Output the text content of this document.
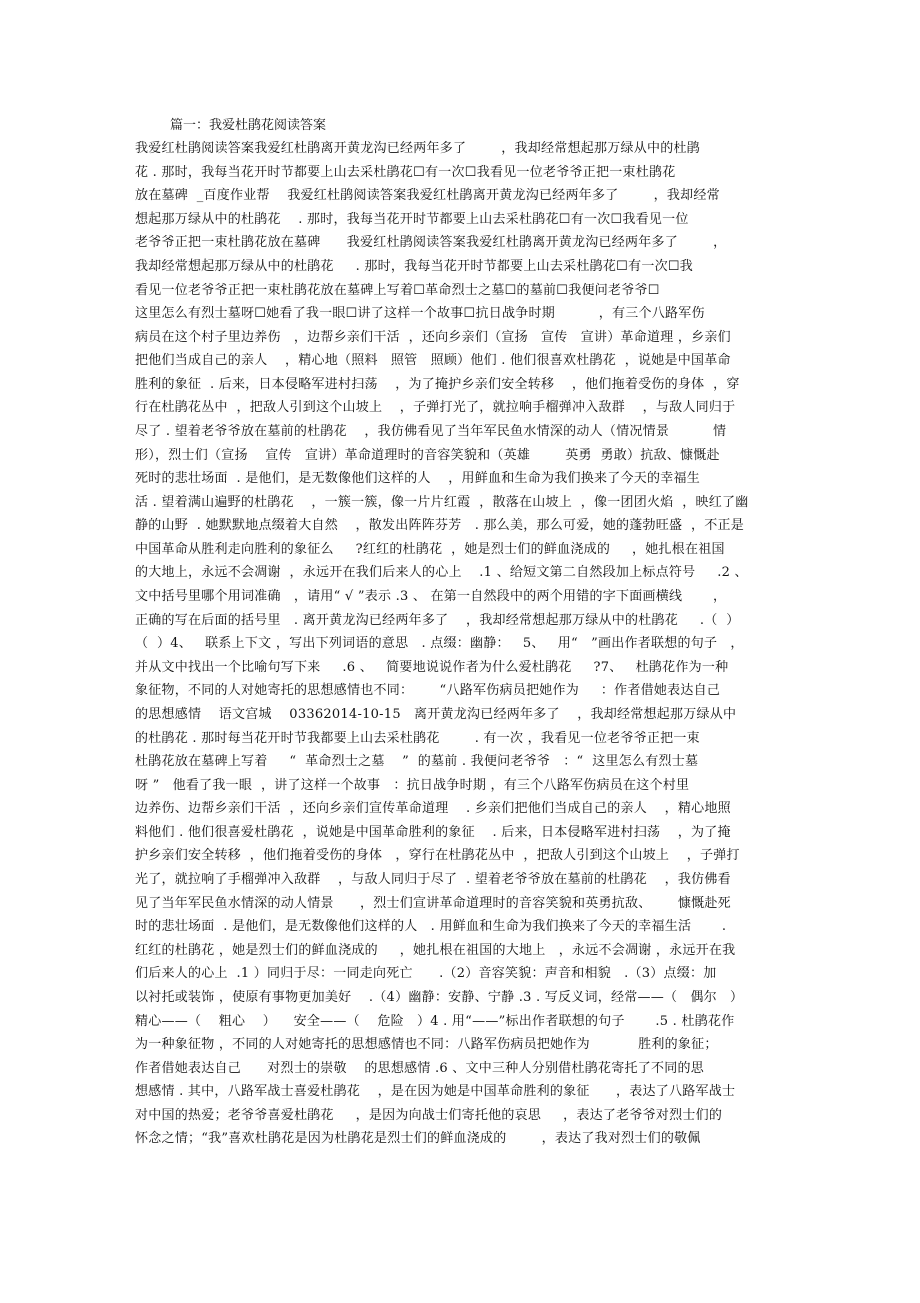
篇一：我爱杜鹃花阅读答案
我爱红杜鹃阅读答案我爱红杜鹃离开黄龙沟已经两年多了        ，我却经常想起那万绿从中的杜鹃
花 . 那时，我每当花开时节都要上山去采杜鹃花☐有一次☐我看见一位老爷爷正把一束杜鹃花
放在墓碑  _百度作业帮    我爱红杜鹃阅读答案我爱红杜鹃离开黄龙沟已经两年多了        ，我却经常
想起那万绿从中的杜鹃花    . 那时，我每当花开时节都要上山去采杜鹃花☐有一次☐我看见一位
老爷爷正把一束杜鹃花放在墓碑      我爱红杜鹃阅读答案我爱红杜鹃离开黄龙沟已经两年多了        ，
我却经常想起那万绿从中的杜鹃花     . 那时，我每当花开时节都要上山去采杜鹃花☐有一次☐我
看见一位老爷爷正把一束杜鹃花放在墓碑上写着☐革命烈士之墓☐的墓前☐我便问老爷爷☐
这里怎么有烈士墓呀☐她看了我一眼☐讲了这样一个故事☐抗日战争时期          ，有三个八路军伤
病员在这个村子里边养伤   ，边帮乡亲们干活  ，还向乡亲们（宣扬   宣传   宣讲）革命道理 ，乡亲们
把他们当成自己的亲人    ，精心地（照料   照管   照顾）他们 . 他们很喜欢杜鹃花  ，说她是中国革命
胜利的象征  . 后来，日本侵略军进村扫荡    ，为了掩护乡亲们安全转移    ，他们拖着受伤的身体  ，穿
行在杜鹃花丛中  ，把敌人引到这个山坡上    ，子弹打光了，就拉响手榴弹冲入敌群    ，与敌人同归于
尽了 . 望着老爷爷放在墓前的杜鹃花    ，我仿佛看见了当年军民鱼水情深的动人（情况情景          情
形），烈士们（宣扬    宣传   宣讲）革命道理时的音容笑貌和（英雄        英勇  勇敢）抗敌、慷慨赴
死时的悲壮场面  . 是他们，是无数像他们这样的人    ，用鲜血和生命为我们换来了今天的幸福生
活 . 望着满山遍野的杜鹃花    ，一簇一簇，像一片片红霞  ，散落在山坡上  ，像一团团火焰  ，映红了幽
静的山野  . 她默默地点缀着大自然    ，散发出阵阵芬芳   . 那么美，那么可爱，她的蓬勃旺盛  ，不正是
中国革命从胜利走向胜利的象征么     ?红红的杜鹃花  ，她是烈士们的鲜血浇成的     ，她扎根在祖国
的大地上，永远不会凋谢  ，永远开在我们后来人的心上    .1 、给短文第二自然段加上标点符号     .2 、
文中括号里哪个用词准确   ，请用“ √ ”表示 .3 、 在第一自然段中的两个用错的字下面画横线       ，
正确的写在后面的括号里   . 离开黄龙沟已经两年多了    ，我却经常想起那万绿从中的杜鹃花     .（  ）
（  ）4、   联系上下文 ，写出下列词语的意思   . 点缀：幽静：   5、   用“   ”画出作者联想的句子   ，
并从文中找出一个比喻句写下来     .6 、   简要地说说作者为什么爱杜鹃花     ?7、   杜鹃花作为一种
象征物，不同的人对她寄托的思想感情也不同：      “八路军伤病员把她作为     ：作者借她表达自己
的思想感情    语文宫城    03362014-10-15   离开黄龙沟已经两年多了    ，我却经常想起那万绿从中
的杜鹃花 . 那时每当花开时节我都要上山去采杜鹃花        . 有一次 ，我看见一位老爷爷正把一束
杜鹃花放在墓碑上写着     “  革命烈士之墓    ”  的墓前 . 我便问老爷爷   ：“  这里怎么有烈士墓
呀 ”   他看了我一眼  ，讲了这样一个故事   ：抗日战争时期 ，有三个八路军伤病员在这个村里
边养伤、边帮乡亲们干活  ，还向乡亲们宣传革命道理    . 乡亲们把他们当成自己的亲人    ，精心地照
料他们 . 他们很喜爱杜鹃花  ，说她是中国革命胜利的象征    . 后来，日本侵略军进村扫荡    ，为了掩
护乡亲们安全转移  ，他们拖着受伤的身体   ，穿行在杜鹃花丛中  ，把敌人引到这个山坡上    ，子弹打
光了，就拉响了手榴弹冲入敌群    ，与敌人同归于尽了  . 望着老爷爷放在墓前的杜鹃花    ，我仿佛看
见了当年军民鱼水情深的动人情景      ，烈士们宣讲革命道理时的音容笑貌和英勇抗敌、      慷慨赴死
时的悲壮场面  . 是他们，是无数像他们这样的人   . 用鲜血和生命为我们换来了今天的幸福生活       .
红红的杜鹃花 ，她是烈士们的鲜血浇成的     ，她扎根在祖国的大地上   ，永远不会凋谢 ，永远开在我
们后来人的心上  .1 ）同归于尽：一同走向死亡      .（2）音容笑貌：声音和相貌   .（3）点缀：加
以衬托或装饰 ，使原有事物更加美好    .（4）幽静：安静、宁静 .3 . 写反义词，经常——（   偶尔   ）
精心——（    粗心    ）    安全——（    危险   ）4 . 用“——”标出作者联想的句子       .5 . 杜鹃花作
为一种象征物 ，不同的人对她寄托的思想感情也不同：八路军伤病员把她作为           胜利的象征；
作者借她表达自己      对烈士的崇敬    的思想感情 .6 、文中三种人分别借杜鹃花寄托了不同的思
想感情 . 其中，八路军战士喜爱杜鹃花    ，是在因为她是中国革命胜利的象征      ，表达了八路军战士
对中国的热爱；老爷爷喜爱杜鹃花     ，是因为向战士们寄托他的哀思     ，表达了老爷爷对烈士们的
怀念之情；“我”喜欢杜鹃花是因为杜鹃花是烈士们的鲜血浇成的        ，表达了我对烈士们的敬佩
